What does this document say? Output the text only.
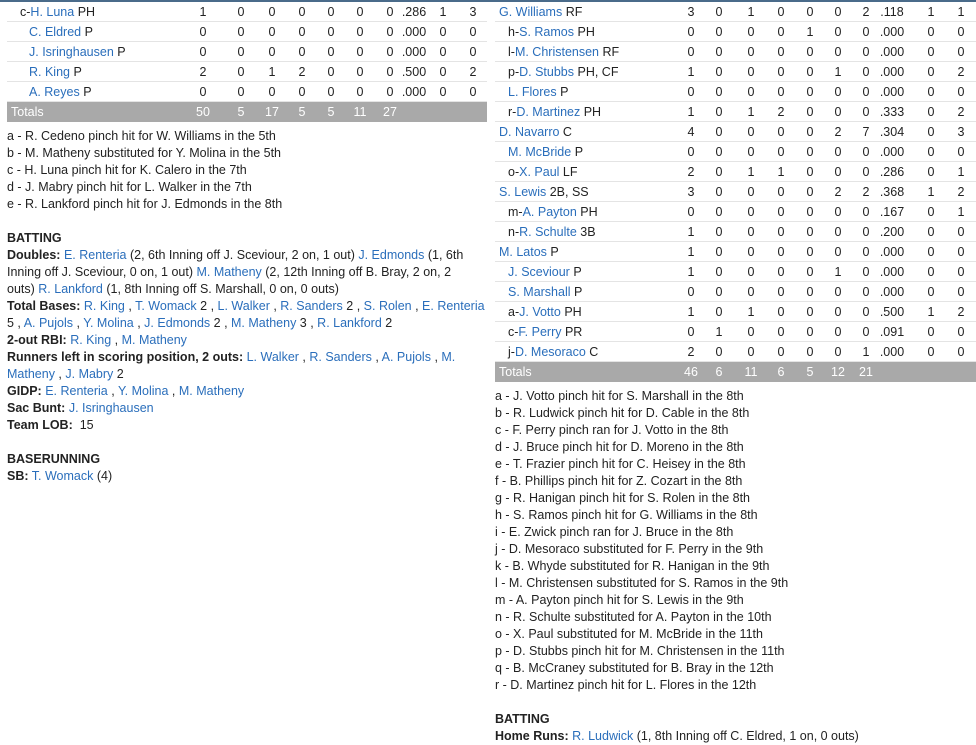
c-H. Luna PH	1	0	0	0	0	0	0 .286	1	3
C. Eldred P	0	0	0	0	0	0	0 .000	0	0
J. Isringhausen P	0	0	0	0	0	0	0 .000	0	0
R. King P	2	0	1	2	0	0	0 .500	0	2
A. Reyes P	0	0	0	0	0	0	0 .000	0	0
Totals	50	5	17	5	5	11	27
a - R. Cedeno pinch hit for W. Williams in the 5th
b - M. Matheny substituted for Y. Molina in the 5th
c - H. Luna pinch hit for K. Calero in the 7th
d - J. Mabry pinch hit for L. Walker in the 7th
e - R. Lankford pinch hit for J. Edmonds in the 8th
BATTING
Doubles: E. Renteria (2, 6th Inning off J. Sceviour, 2 on, 1 out) J. Edmonds (1, 6th
Inning off J. Sceviour, 0 on, 1 out) M. Matheny (2, 12th Inning off B. Bray, 2 on, 2
outs) R. Lankford (1, 8th Inning off S. Marshall, 0 on, 0 outs)
Total Bases: R. King , T. Womack 2 , L. Walker , R. Sanders 2 , S. Rolen , E. Renteria
5 , A. Pujols , Y. Molina , J. Edmonds 2 , M. Matheny 3 , R. Lankford 2
2-out RBI: R. King , M. Matheny
Runners left in scoring position, 2 outs: L. Walker , R. Sanders , A. Pujols , M.
Matheny , J. Mabry 2
GIDP: E. Renteria , Y. Molina , M. Matheny
Sac Bunt: J. Isringhausen
Team LOB: 15
BASERUNNING
SB: T. Womack (4)
G. Williams RF	3	0	1	0	0	0	2 .118	1	1
h-S. Ramos PH	0	0	0	0	1	0	0 .000	0	0
l-M. Christensen RF	0	0	0	0	0	0	0 .000	0	0
p-D. Stubbs PH, CF	1	0	0	0	0	1	0 .000	0	2
L. Flores P	0	0	0	0	0	0	0 .000	0	0
r-D. Martinez PH	1	0	1	2	0	0	0 .333	0	2
D. Navarro C	4	0	0	0	0	2	7 .304	0	3
M. McBride P	0	0	0	0	0	0	0 .000	0	0
o-X. Paul LF	2	0	1	1	0	0	0 .286	0	1
S. Lewis 2B, SS	3	0	0	0	0	2	2 .368	1	2
m-A. Payton PH	0	0	0	0	0	0	0 .167	0	1
n-R. Schulte 3B	1	0	0	0	0	0	0 .200	0	0
M. Latos P	1	0	0	0	0	0	0 .000	0	0
J. Sceviour P	1	0	0	0	0	1	0 .000	0	0
S. Marshall P	0	0	0	0	0	0	0 .000	0	0
a-J. Votto PH	1	0	1	0	0	0	0 .500	1	2
c-F. Perry PR	0	1	0	0	0	0	0 .091	0	0
j-D. Mesoraco C	2	0	0	0	0	0	1 .000	0	0
Totals	46	6	11	6	5	12	21
a - J. Votto pinch hit for S. Marshall in the 8th
b - R. Ludwick pinch hit for D. Cable in the 8th
c - F. Perry pinch ran for J. Votto in the 8th
d - J. Bruce pinch hit for D. Moreno in the 8th
e - T. Frazier pinch hit for C. Heisey in the 8th
f - B. Phillips pinch hit for Z. Cozart in the 8th
g - R. Hanigan pinch hit for S. Rolen in the 8th
h - S. Ramos pinch hit for G. Williams in the 8th
i - E. Zwick pinch ran for J. Bruce in the 8th
j - D. Mesoraco substituted for F. Perry in the 9th
k - B. Whyde substituted for R. Hanigan in the 9th
l - M. Christensen substituted for S. Ramos in the 9th
m - A. Payton pinch hit for S. Lewis in the 9th
n - R. Schulte substituted for A. Payton in the 10th
o - X. Paul substituted for M. McBride in the 11th
p - D. Stubbs pinch hit for M. Christensen in the 11th
q - B. McCraney substituted for B. Bray in the 12th
r - D. Martinez pinch hit for L. Flores in the 12th
BATTING
Home Runs: R. Ludwick (1, 8th Inning off C. Eldred, 1 on, 0 outs)
